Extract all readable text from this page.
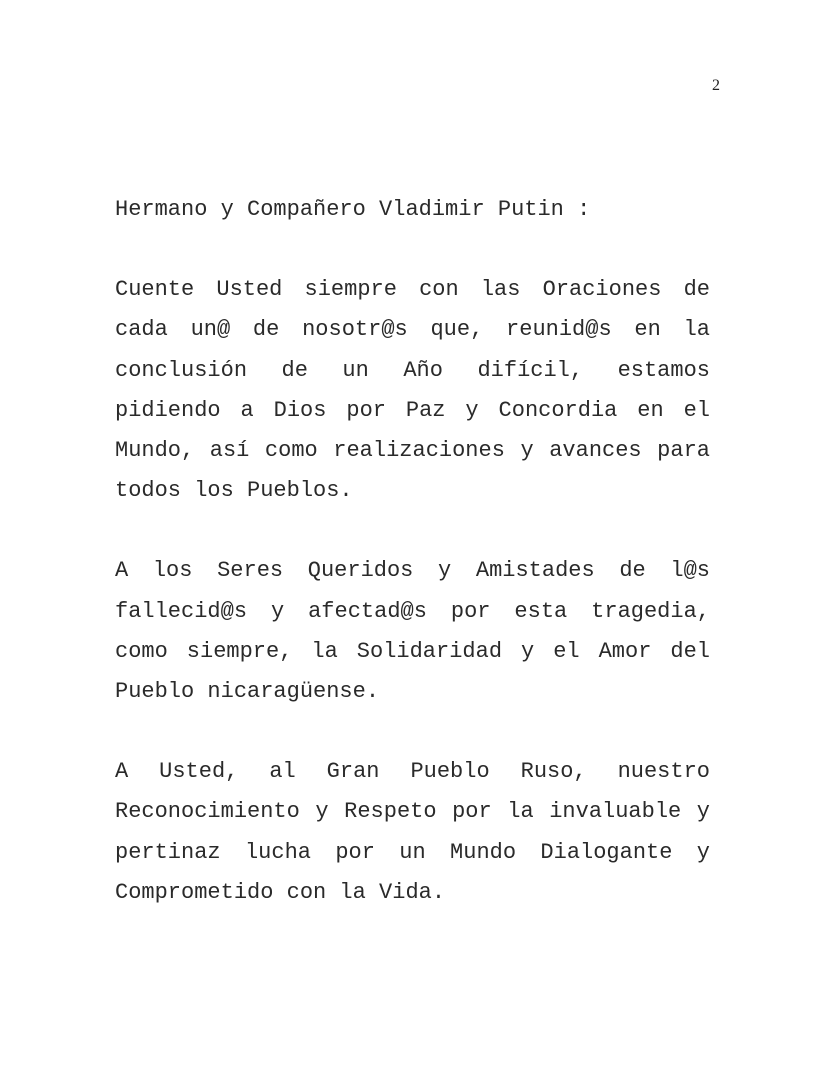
2

Hermano y Compañero Vladimir Putin :

Cuente Usted siempre con las Oraciones de cada un@ de nosotr@s que, reunid@s en la conclusión de un Año difícil, estamos pidiendo a Dios por Paz y Concordia en el Mundo, así como realizaciones y avances para todos los Pueblos.

A los Seres Queridos y Amistades de l@s fallecid@s y afectad@s por esta tragedia, como siempre, la Solidaridad y el Amor del Pueblo nicaragüense.

A Usted, al Gran Pueblo Ruso, nuestro Reconocimiento y Respeto por la invaluable y pertinaz lucha por un Mundo Dialogante y Comprometido con la Vida.
